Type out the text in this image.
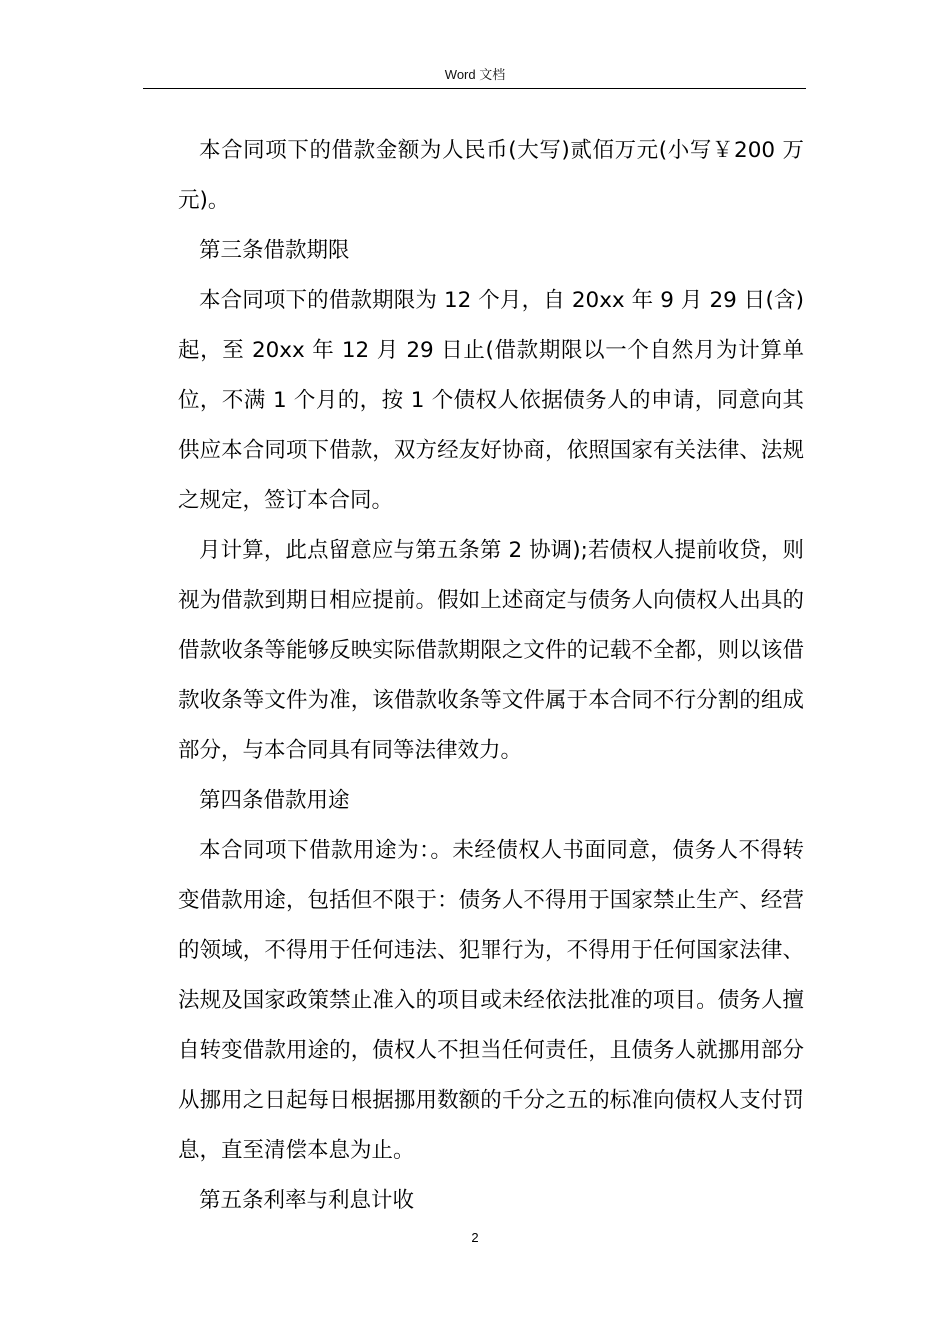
Word 文档

本合同项下的借款金额为人民币(大写)贰佰万元(小写￥200 万元)。

第三条借款期限

本合同项下的借款期限为 12 个月，自 20xx 年 9 月 29 日(含)起，至 20xx 年 12 月 29 日止(借款期限以一个自然月为计算单位，不满 1 个月的，按 1 个债权人依据债务人的申请，同意向其供应本合同项下借款，双方经友好协商，依照国家有关法律、法规之规定，签订本合同。

月计算，此点留意应与第五条第 2 协调);若债权人提前收贷，则视为借款到期日相应提前。假如上述商定与债务人向债权人出具的借款收条等能够反映实际借款期限之文件的记载不全都，则以该借款收条等文件为准，该借款收条等文件属于本合同不行分割的组成部分，与本合同具有同等法律效力。

第四条借款用途

本合同项下借款用途为：。未经债权人书面同意，债务人不得转变借款用途，包括但不限于：债务人不得用于国家禁止生产、经营的领域，不得用于任何违法、犯罪行为，不得用于任何国家法律、法规及国家政策禁止准入的项目或未经依法批准的项目。债务人擅自转变借款用途的，债权人不担当任何责任，且债务人就挪用部分从挪用之日起每日根据挪用数额的千分之五的标准向债权人支付罚息，直至清偿本息为止。

第五条利率与利息计收

2
